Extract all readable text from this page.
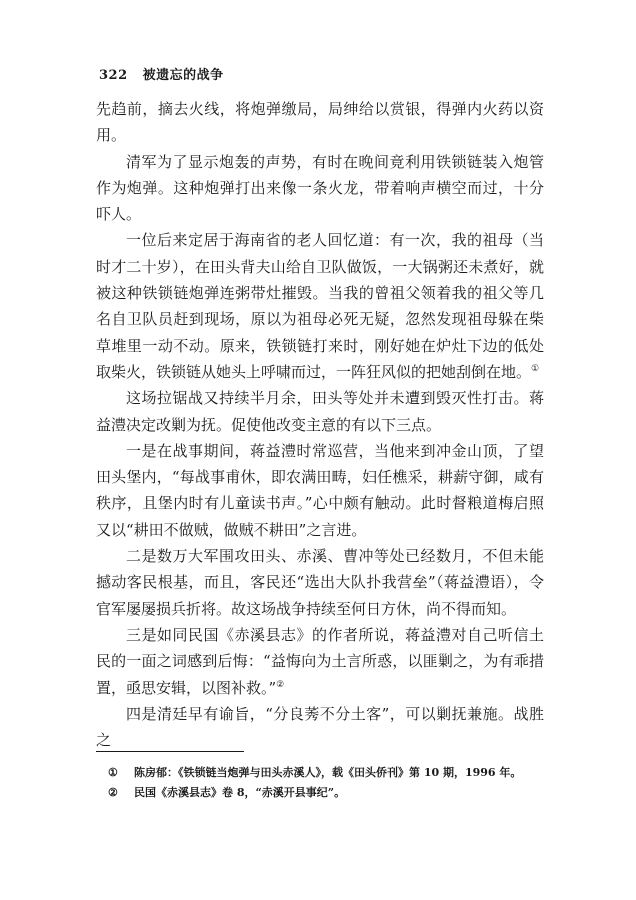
322 被遗忘的战争

先趋前，摘去火线，将炮弹缴局，局绅给以赏银，得弹内火药以资用。

清军为了显示炮轰的声势，有时在晚间竟利用铁锁链装入炮管作为炮弹。这种炮弹打出来像一条火龙，带着响声横空而过，十分吓人。

一位后来定居于海南省的老人回忆道：有一次，我的祖母（当时才二十岁），在田头背夫山给自卫队做饭，一大锅粥还未煮好，就被这种铁锁链炮弹连粥带灶摧毁。当我的曾祖父领着我的祖父等几名自卫队员赶到现场，原以为祖母必死无疑，忽然发现祖母躲在柴草堆里一动不动。原来，铁锁链打来时，刚好她在炉灶下边的低处取柴火，铁锁链从她头上呼啸而过，一阵狂风似的把她刮倒在地。①

这场拉锯战又持续半月余，田头等处并未遭到毁灭性打击。蒋益澧决定改剿为抚。促使他改变主意的有以下三点。

一是在战事期间，蒋益澧时常巡营，当他来到冲金山顶，了望田头堡内，“每战事甫休，即农满田畴，妇任樵采，耕薪守御，咸有秩序，且堡内时有儿童读书声。”心中颇有触动。此时督粮道梅启照又以“耕田不做贼，做贼不耕田”之言进。

二是数万大军围攻田头、赤溪、曹冲等处已经数月，不但未能撼动客民根基，而且，客民还“选出大队扑我营垒”（蒋益澧语），令官军屡屡损兵折将。故这场战争持续至何日方休，尚不得而知。

三是如同民国《赤溪县志》的作者所说，蒋益澧对自己听信土民的一面之词感到后悔：“益悔向为土言所惑，以匪剿之，为有乖措置，亟思安辑，以图补救。”②

四是清廷早有谕旨，“分良莠不分土客”，可以剿抚兼施。战胜之

① 陈房郁：《铁锁链当炮弹与田头赤溪人》，载《田头侨刊》第 10 期，1996 年。
② 民国《赤溪县志》卷 8，“赤溪开县事纪”。
